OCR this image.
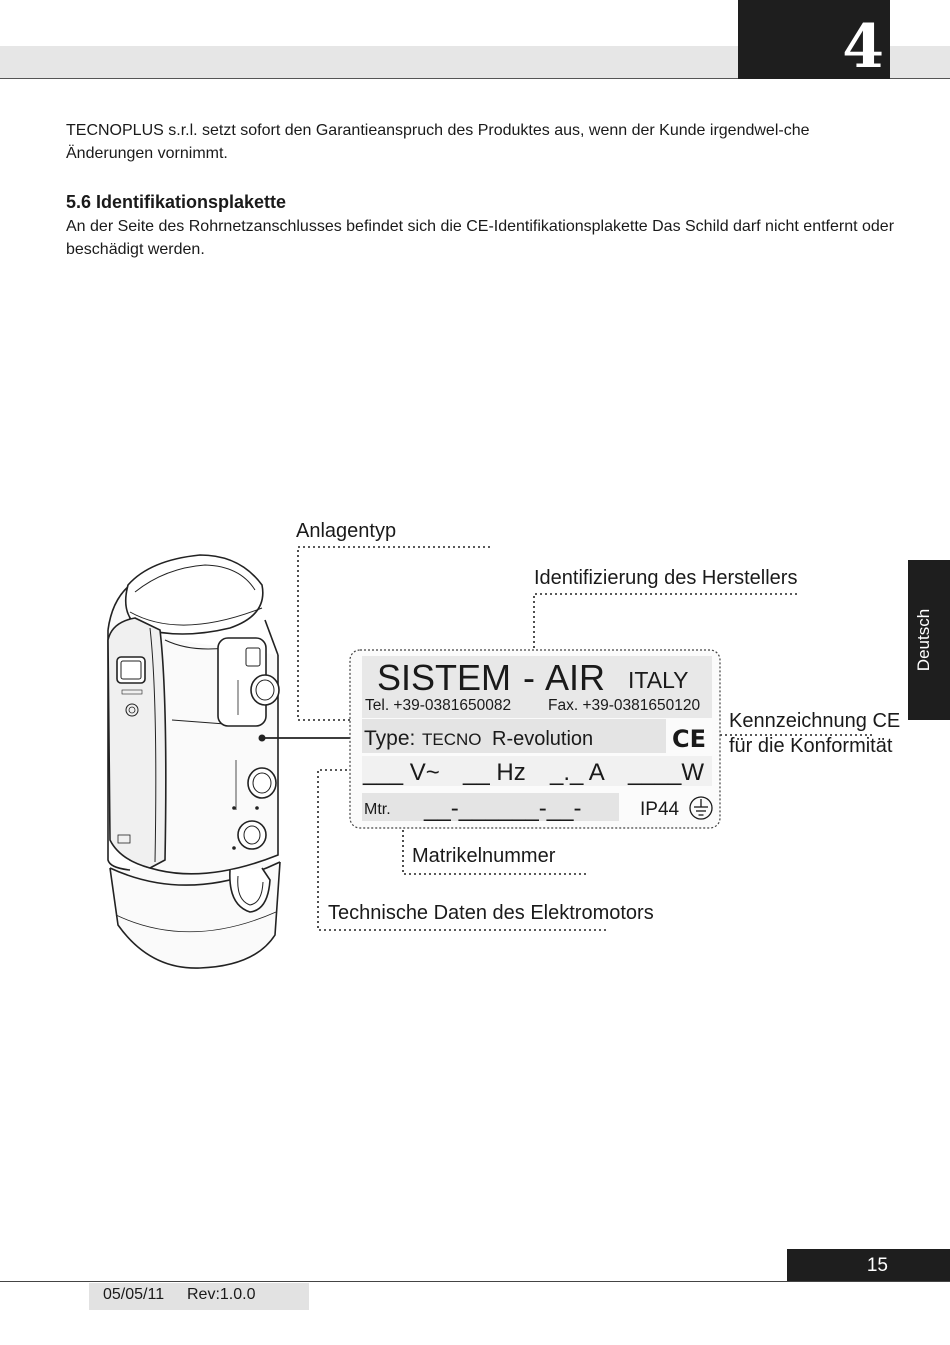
4

TECNOPLUS s.r.l. setzt sofort den Garantieanspruch des Produktes aus, wenn der Kunde irgendwel-che Änderungen vornimmt.

5.6 Identifikationsplakette

An der Seite des Rohrnetzanschlusses befindet sich die CE-Identifikationsplakette Das Schild darf nicht entfernt oder beschädigt werden.

Deutsch
SISTEM - AIR ITALY
Tel. +39-0381650082 Fax. +39-0381650120
Type: TECNO R-evolution	CE
___ V~ __ Hz _._ A ____W
Mtr. __-______-__-	IP44
Anlagentyp
Identifizierung des Herstellers
Kennzeichnung CE
für die Konformität
Matrikelnummer
Technische Daten des Elektromotors
15
05/05/11 Rev:1.0.0
